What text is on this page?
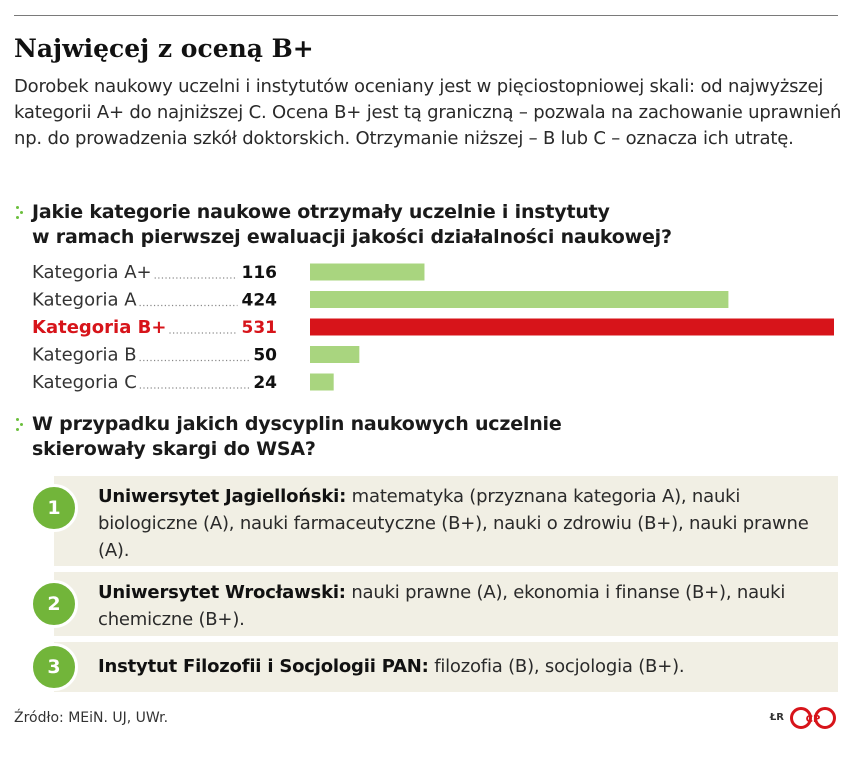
Najwięcej z oceną B+

Dorobek naukowy uczelni i instytutów oceniany jest w pięciostopniowej skali: od najwyższej kategorii A+ do najniższej C. Ocena B+ jest tą graniczną – pozwala na zachowanie uprawnień np. do prowadzenia szkół doktorskich. Otrzymanie niższej – B lub C – oznacza ich utratę.

Jakie kategorie naukowe otrzymały uczelnie i instytuty
w ramach pierwszej ewaluacji jakości działalności naukowej?

Kategoria A+	116
Kategoria A	424
Kategoria B+	531
Kategoria B	50
Kategoria C	24

W przypadku jakich dyscyplin naukowych uczelnie
skierowały skargi do WSA?

Uniwersytet Jagielloński: matematyka (przyznana kategoria A), nauki biologiczne (A), nauki farmaceutyczne (B+), nauki o zdrowiu (B+), nauki prawne (A).
1
Uniwersytet Wrocławski: nauki prawne (A), ekonomia i finanse (B+), nauki chemiczne (B+).
2
Instytut Filozofii i Socjologii PAN: filozofia (B), socjologia (B+).
3
Źródło: MEiN. UJ, UWr.	ŁR CP
